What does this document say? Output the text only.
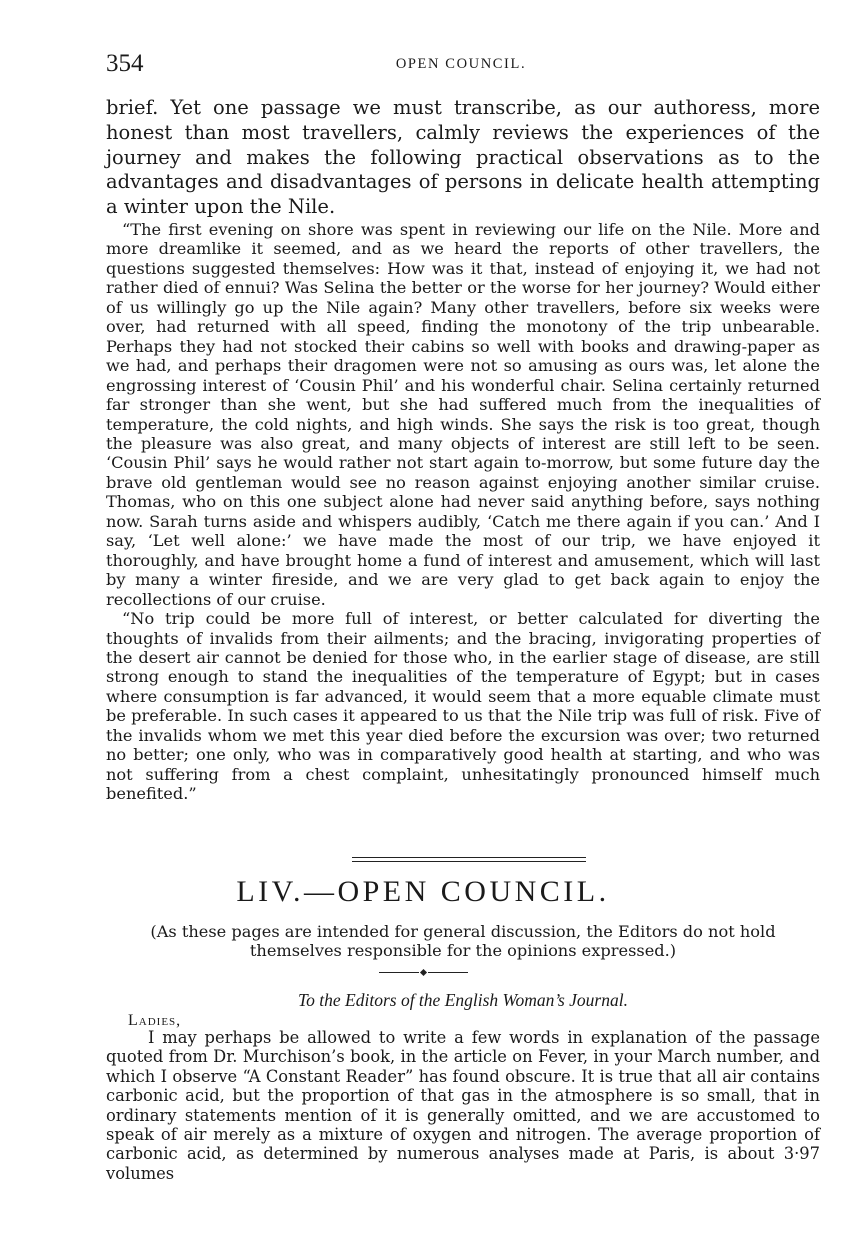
354	OPEN COUNCIL.
brief. Yet one passage we must transcribe, as our authoress, more honest than most travellers, calmly reviews the experiences of the journey and makes the following practical observations as to the advantages and disadvantages of persons in delicate health attempting a winter upon the Nile.

“The first evening on shore was spent in reviewing our life on the Nile. More and more dreamlike it seemed, and as we heard the reports of other travellers, the questions suggested themselves: How was it that, instead of enjoying it, we had not rather died of ennui? Was Selina the better or the worse for her journey? Would either of us willingly go up the Nile again? Many other travellers, before six weeks were over, had returned with all speed, finding the monotony of the trip unbearable. Perhaps they had not stocked their cabins so well with books and drawing-paper as we had, and perhaps their dragomen were not so amusing as ours was, let alone the engrossing interest of ‘Cousin Phil’ and his wonderful chair. Selina certainly returned far stronger than she went, but she had suffered much from the inequalities of temperature, the cold nights, and high winds. She says the risk is too great, though the pleasure was also great, and many objects of interest are still left to be seen. ‘Cousin Phil’ says he would rather not start again to-morrow, but some future day the brave old gentleman would see no reason against enjoying another similar cruise. Thomas, who on this one subject alone had never said anything before, says nothing now. Sarah turns aside and whispers audibly, ‘Catch me there again if you can.’ And I say, ‘Let well alone:’ we have made the most of our trip, we have enjoyed it thoroughly, and have brought home a fund of interest and amusement, which will last by many a winter fireside, and we are very glad to get back again to enjoy the recollections of our cruise.

“No trip could be more full of interest, or better calculated for diverting the thoughts of invalids from their ailments; and the bracing, invigorating properties of the desert air cannot be denied for those who, in the earlier stage of disease, are still strong enough to stand the inequalities of the temperature of Egypt; but in cases where consumption is far advanced, it would seem that a more equable climate must be preferable. In such cases it appeared to us that the Nile trip was full of risk. Five of the invalids whom we met this year died before the excursion was over; two returned no better; one only, who was in comparatively good health at starting, and who was not suffering from a chest complaint, unhesitatingly pronounced himself much benefited.”

LIV.—OPEN COUNCIL.
(As these pages are intended for general discussion, the Editors do not hold
themselves responsible for the opinions expressed.)
To the Editors of the English Woman’s Journal.
Ladies,

I may perhaps be allowed to write a few words in explanation of the passage quoted from Dr. Murchison’s book, in the article on Fever, in your March number, and which I observe “A Constant Reader” has found obscure. It is true that all air contains carbonic acid, but the proportion of that gas in the atmosphere is so small, that in ordinary statements mention of it is generally omitted, and we are accustomed to speak of air merely as a mixture of oxygen and nitrogen. The average proportion of carbonic acid, as determined by numerous analyses made at Paris, is about 3·97 volumes
